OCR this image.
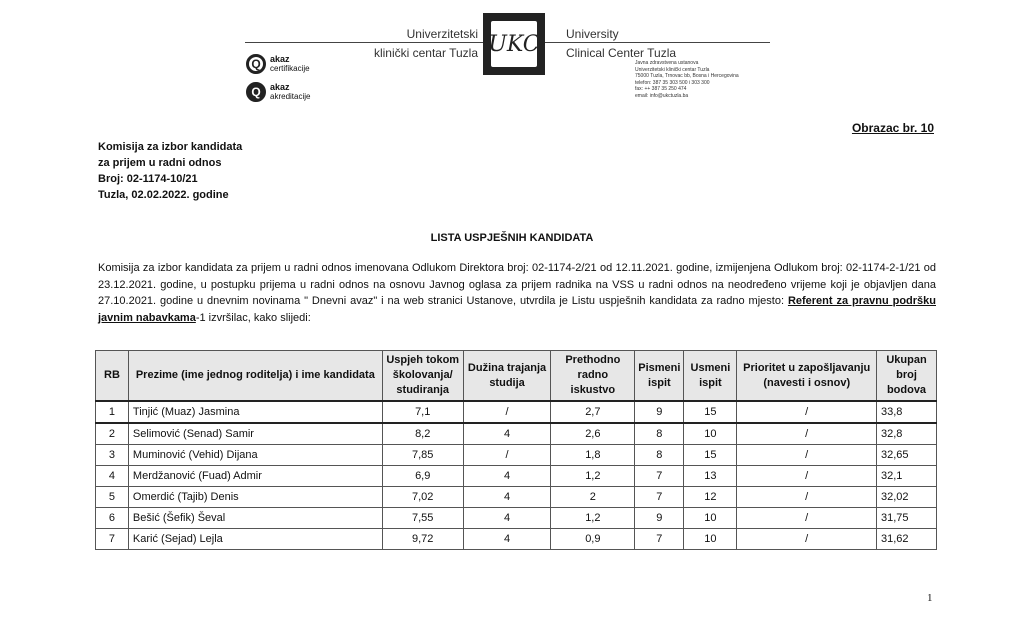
Univerzitetski
klinički centar Tuzla UKC University
Clinical Center Tuzla
Javna zdravstvena ustanova
Univerzitetski klinički centar Tuzla
75000 Tuzla, Trnovac bb, Bosna i Hercegovina
telefon: 387 35 303 500 i 303 300
fax: ++ 387 35 250 474
email: info@ukctuzla.ba
Q	akaz
certifikacije
Q	akaz
akreditacije
Obrazac br. 10
Komisija za izbor kandidata
za prijem u radni odnos
Broj: 02-1174-10/21
Tuzla, 02.02.2022. godine
LISTA USPJEŠNIH KANDIDATA
Komisija za izbor kandidata za prijem u radni odnos imenovana Odlukom Direktora broj: 02-1174-2/21 od 12.11.2021. godine, izmijenjena Odlukom broj: 02-1174-2-1/21 od 23.12.2021. godine, u postupku prijema u radni odnos na osnovu Javnog oglasa za prijem radnika na VSS u radni odnos na neodređeno vrijeme koji je objavljen dana 27.10.2021. godine u dnevnim novinama " Dnevni avaz" i na web stranici Ustanove, utvrdila je Listu uspješnih kandidata za radno mjesto: Referent za pravnu podršku javnim nabavkama-1 izvršilac, kako slijedi:
RB	Prezime (ime jednog roditelja) i ime kandidata	Uspjeh tokom školovanja/ studiranja	Dužina trajanja studija	Prethodno radno iskustvo	Pismeni ispit	Usmeni ispit	Prioritet u zapošljavanju (navesti i osnov)	Ukupan broj bodova
1	Tinjić (Muaz) Jasmina	7,1	/	2,7	9	15	/	33,8
2	Selimović (Senad) Samir	8,2	4	2,6	8	10	/	32,8
3	Muminović (Vehid) Dijana	7,85	/	1,8	8	15	/	32,65
4	Merdžanović (Fuad) Admir	6,9	4	1,2	7	13	/	32,1
5	Omerdić (Tajib) Denis	7,02	4	2	7	12	/	32,02
6	Bešić (Šefik) Ševal	7,55	4	1,2	9	10	/	31,75
7	Karić (Sejad) Lejla	9,72	4	0,9	7	10	/	31,62
1
